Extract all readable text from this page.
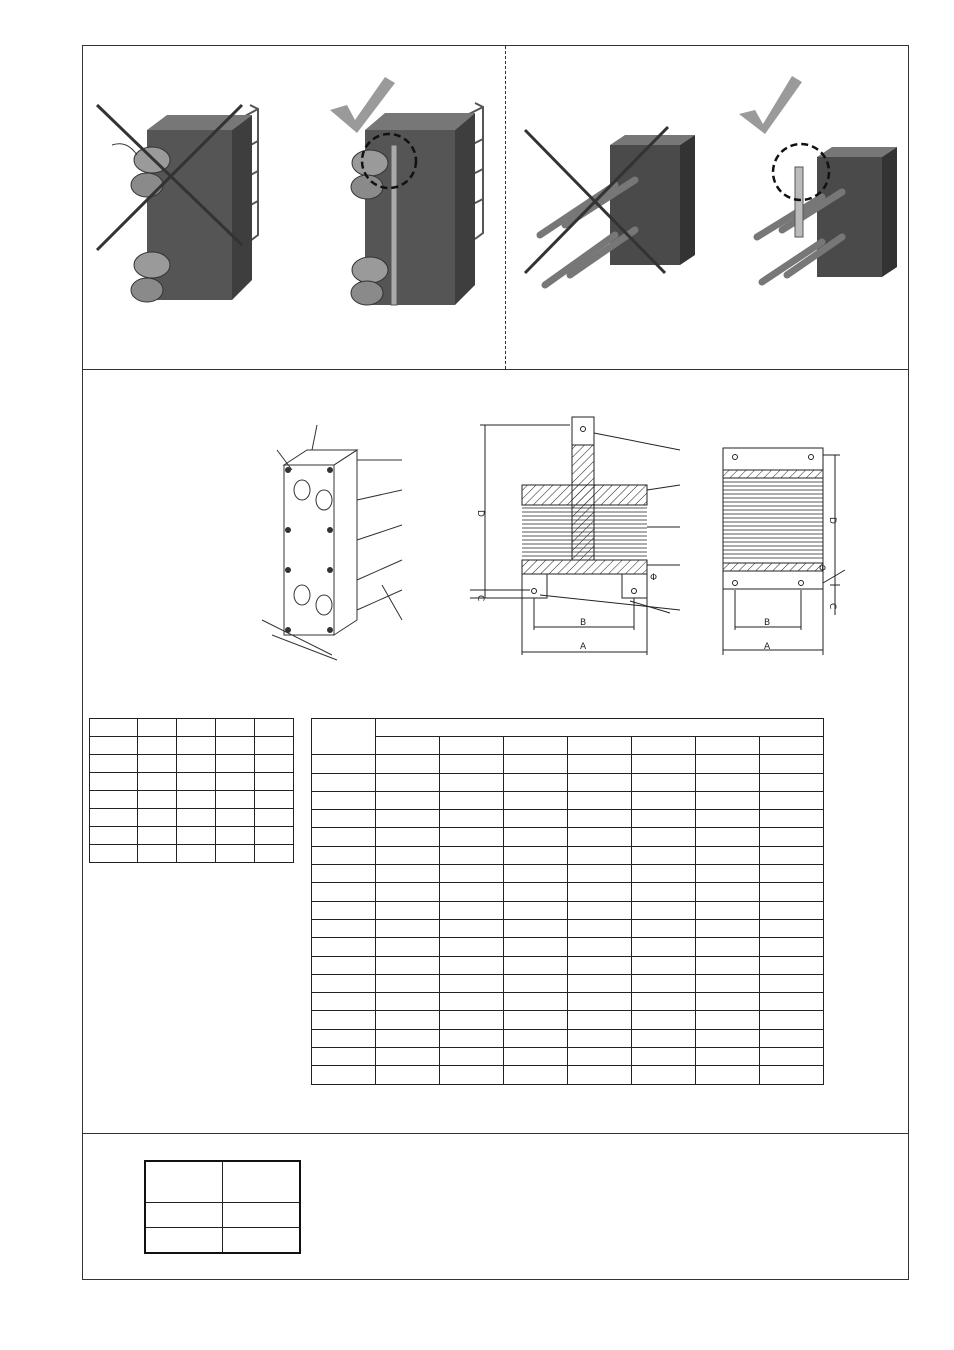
B
A
D
C
Φ
B
A
D
C
Φ
